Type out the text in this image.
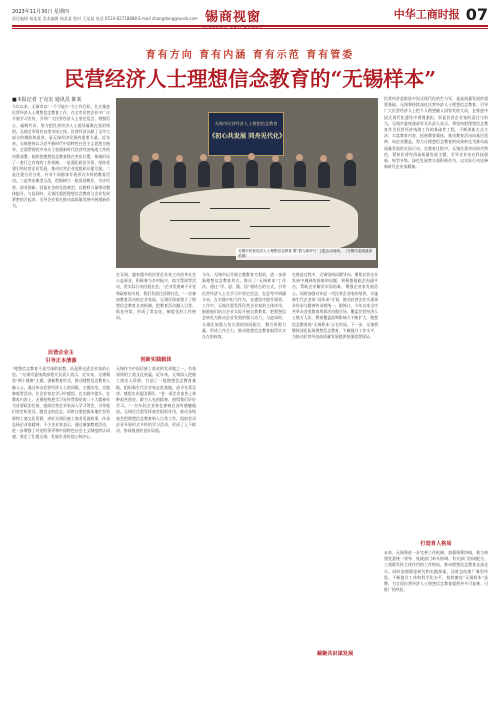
2023年11月30日 星期四
责任编辑 杨某某 美术编辑 杨某某 校对 王某某 电话 0510-82718888 E-mail zhangdong@wxrb.com 锡商视窗	中华工商时报 07
育有方向 育有内涵 育有示范 育有管委
民营经济人士理想信念教育的“无锡样本”
■本报记者 于克宏 通讯员 陈某
今年以来，无锡市以“一个不能少”为工作目标，扎实推进民营经济人士理想信念教育工作，在全市民营企业中广泛开展学习宣传，引导广大民营经济人士坚定信念、增强信心、凝聚共识，努力把民营经济人士团结凝聚在党的周围。无锡全市现有各类市场主体，民营经济贡献了全市大部分的税收和就业，是无锡经济发展的重要力量。近年来，无锡坚持以习近平新时代中国特色社会主义思想为指导，全面贯彻党中央关于加强新时代民营经济统战工作的决策部署，始终把理想信念教育摆在突出位置，探索形成了一套行之有效的工作机制。一是强化政治引领，坚持党建引领民营企业发展，推动民营企业党组织应建尽建。二是注重分层分类，针对不同群体开展形式多样的教育活动。三是突出典型示范，挖掘树立一批爱国敬业、守法经营、创业创新、回报社会的先进典型，以榜样力量带动整体提升。与此同时，无锡注重把理想信念教育与企业发展紧密结合起来，引导企业家在推动高质量发展中展现新作为。
民营企业主
引导正本清源
“理想信念教育不是空洞的说教，而是要走进企业家的心里。”无锡市委统战部相关负责人表示，近年来，无锡聚焦“两个健康”主题，创新教育形式，推动理想信念教育入脑入心。通过举办民营经济人士培训班、主题沙龙、实地参观等活动，让企业家在学习中感悟、在实践中提升。在教育内容上，无锡坚持把学习宣传贯彻党的二十大精神作为首要政治任务，组织民营企业家深入学习领会，引导他们坚定听党话、跟党走的信念。同时注重挖掘本地红色资源和工商文化资源，讲好无锡民族工商业发展故事，传承弘扬企业家精神。不少企业家表示，通过参加教育活动，进一步增强了对党的领导和中国特色社会主义制度的认同感，坚定了扎根无锡、发展实业的信心和决心。
无锡市民营经济人士理想信念教育
《初心共发展 同舟见代化》
无锡市民营经济人士理想信念教育 暨“我与新时代”主题活动现场。（无锡市委统战部供图）
在无锡，越来越多的民营企业家主动投身社会公益事业，积极参与乡村振兴、助学帮困等活动，用实际行动回报社会。“企业发展离不开党和政府的支持，我们有责任回馈社会。”一位参加教育活动的企业家说。无锡还探索建立了理想信念教育长效机制，把教育活动融入日常、抓在经常，形成了常态化、制度化的工作格局。
创新实践载体
无锡作为中国民族工商业的发祥地之一，有着深厚的工商文化底蕴。近年来，无锡深入挖掘工商名人资源，打造了一批理想信念教育基地，组织新生代企业家走进基地，追寻先辈足迹，感悟实业报国情怀。“老一辈企业家身上那种艰苦创业、敢为人先的精神，值得我们好好学习。”一位年轻企业家在参观后深有感触地说。无锡还注重发挥商会组织作用，推动各级商会把理想信念教育纳入日常工作，组织会员企业开展形式多样的学习活动，形成了上下联动、协同推进的良好局面。
今年，无锡市以开展主题教育为契机，进一步创新理想信念教育形式，推出了“无锡样本”工作法。通过“学、思、践、悟”相结合的方式，引导民营经济人士在学习中坚定信念，在思考中明确方向，在实践中担当作为，在感悟中提升境界。工作中，无锡注重发挥民营企业家的主体作用，鼓励他们结合企业实际开展自我教育，把理想信念转化为推动企业发展的强大动力。与此同时，无锡还加强与各方面的协同配合，整合资源力量，形成工作合力，推动理想信念教育取得实实在在的成效。
在推进过程中，无锡坚持问题导向，聚焦民营企业发展中遇到的困难和问题，积极搭建政企沟通平台，帮助企业解决实际困难，增强企业家发展信心。同时加强对年轻一代民营企业家的培养，实施新生代企业家“双传承”计划，推动民营企业实现事业传承与精神传承相统一。据统计，今年以来全市共举办各类教育培训活动数百场，覆盖民营经济人士数万人次，教育覆盖面和影响力不断扩大，理想信念教育的“无锡样本”正在形成。下一步，无锡将继续深化拓展理想信念教育，不断提升工作水平，为推动民营经济高质量发展提供坚强思想保证。
凝聚共识谋发展
民营经济是推进中国式现代化的生力军，是高质量发展的重要基础。无锡将持续深化民营经济人士理想信念教育，引导广大民营经济人士把个人理想融入国家发展大局，在推进中国式现代化建设中勇挑重担，彰显民营企业家的责任与担当。无锡市委统战部有关负责人表示，将坚持把理想信念教育作为民营经济统战工作的基础性工程，不断创新方式方法，丰富教育内容，拓展教育载体，推动教育活动向基层延伸、向企业覆盖，努力让理想信念教育的成果转化为推动高质量发展的实际行动。在教育过程中，无锡注重突出时代特色，紧扣民营经济高质量发展主题，引导企业家在科技创新、转型升级、绿色发展等方面积极作为，以实际行动诠释新时代企业家精神。
打造育人格局
未来，无锡将进一步完善工作机制，加强统筹协调，着力构建党委统一领导、统战部门牵头协调、有关部门协同配合、工商联发挥主体作用的工作格局，推动理想信念教育走深走实。同时加强理论研究和实践探索，及时总结推广典型经验，不断提升工作的科学化水平，持续擦亮“无锡样本”品牌，为全国民营经济人士理想信念教育提供更多可复制、可推广的经验。
